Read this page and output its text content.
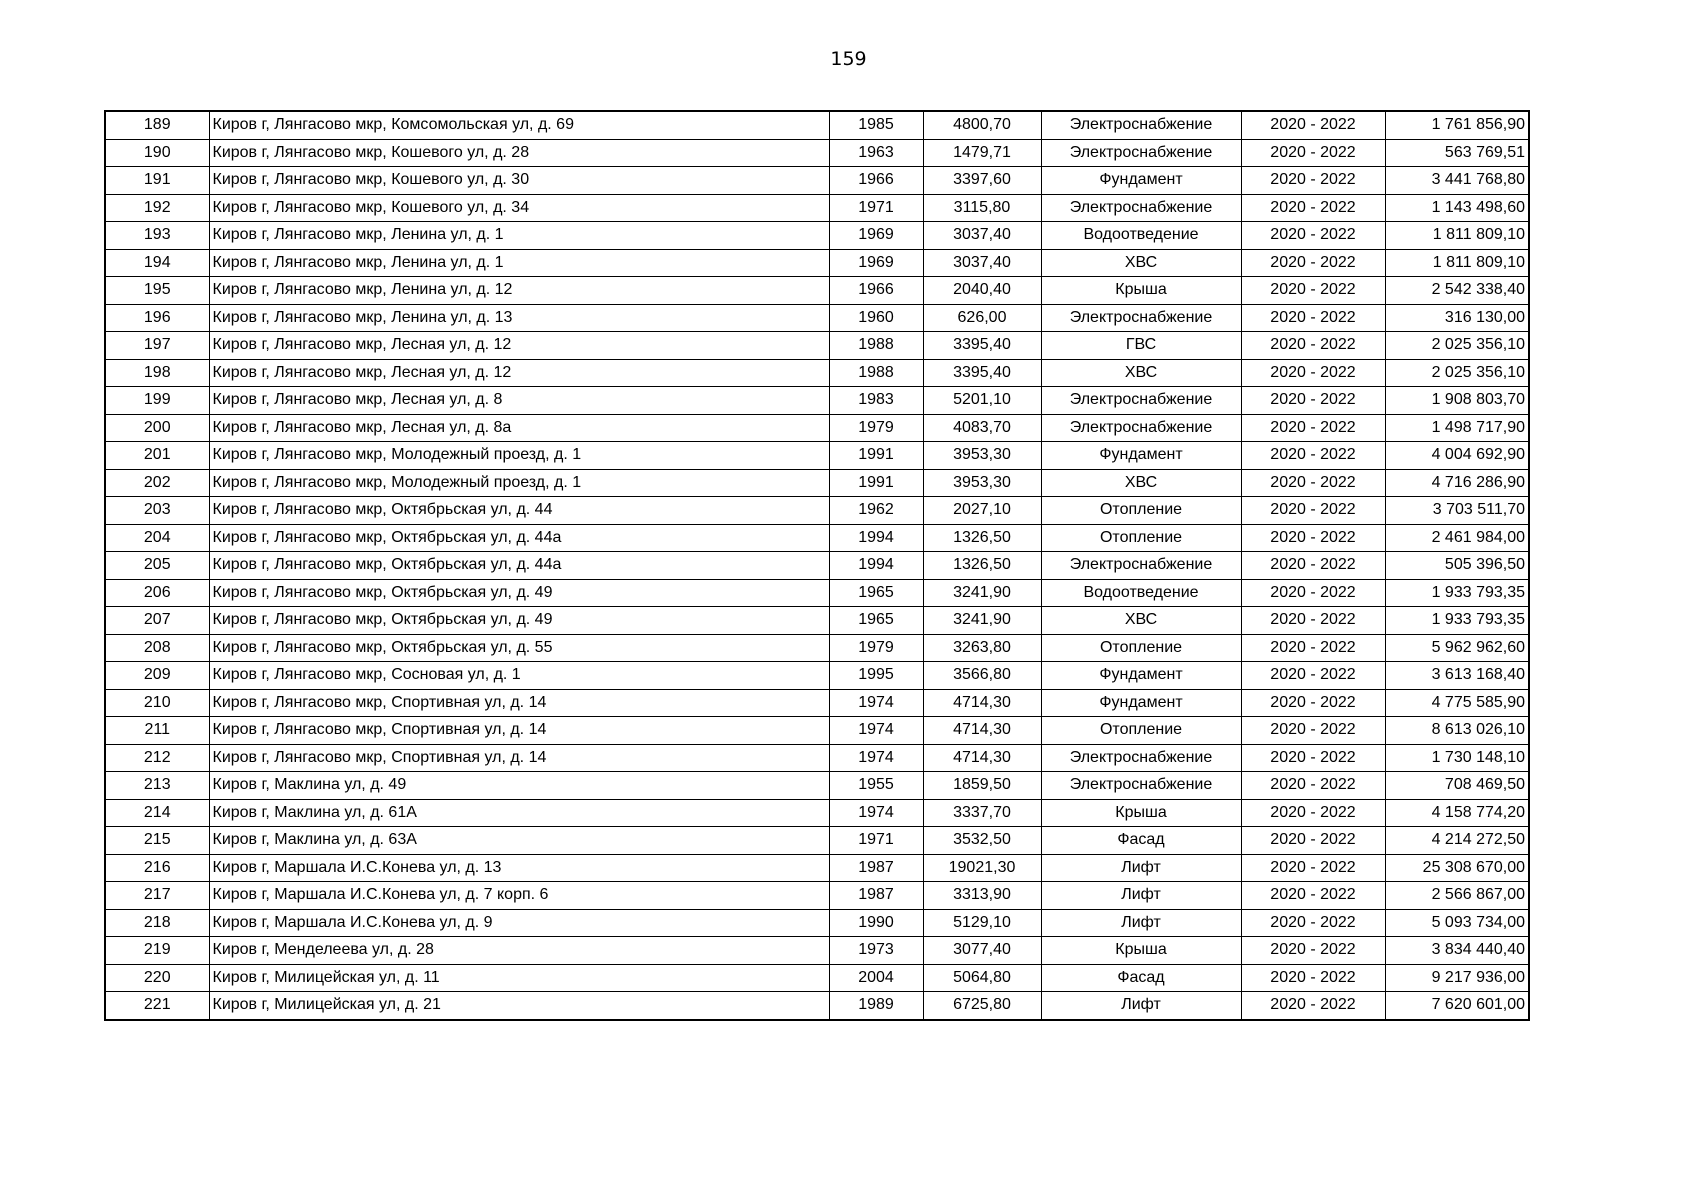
159
189	Киров г, Лянгасово мкр, Комсомольская ул, д. 69	1985	4800,70	Электроснабжение	2020 - 2022	1 761 856,90
190	Киров г, Лянгасово мкр, Кошевого ул, д. 28	1963	1479,71	Электроснабжение	2020 - 2022	563 769,51
191	Киров г, Лянгасово мкр, Кошевого ул, д. 30	1966	3397,60	Фундамент	2020 - 2022	3 441 768,80
192	Киров г, Лянгасово мкр, Кошевого ул, д. 34	1971	3115,80	Электроснабжение	2020 - 2022	1 143 498,60
193	Киров г, Лянгасово мкр, Ленина ул, д. 1	1969	3037,40	Водоотведение	2020 - 2022	1 811 809,10
194	Киров г, Лянгасово мкр, Ленина ул, д. 1	1969	3037,40	ХВС	2020 - 2022	1 811 809,10
195	Киров г, Лянгасово мкр, Ленина ул, д. 12	1966	2040,40	Крыша	2020 - 2022	2 542 338,40
196	Киров г, Лянгасово мкр, Ленина ул, д. 13	1960	626,00	Электроснабжение	2020 - 2022	316 130,00
197	Киров г, Лянгасово мкр, Лесная ул, д. 12	1988	3395,40	ГВС	2020 - 2022	2 025 356,10
198	Киров г, Лянгасово мкр, Лесная ул, д. 12	1988	3395,40	ХВС	2020 - 2022	2 025 356,10
199	Киров г, Лянгасово мкр, Лесная ул, д. 8	1983	5201,10	Электроснабжение	2020 - 2022	1 908 803,70
200	Киров г, Лянгасово мкр, Лесная ул, д. 8а	1979	4083,70	Электроснабжение	2020 - 2022	1 498 717,90
201	Киров г, Лянгасово мкр, Молодежный проезд, д. 1	1991	3953,30	Фундамент	2020 - 2022	4 004 692,90
202	Киров г, Лянгасово мкр, Молодежный проезд, д. 1	1991	3953,30	ХВС	2020 - 2022	4 716 286,90
203	Киров г, Лянгасово мкр, Октябрьская ул, д. 44	1962	2027,10	Отопление	2020 - 2022	3 703 511,70
204	Киров г, Лянгасово мкр, Октябрьская ул, д. 44а	1994	1326,50	Отопление	2020 - 2022	2 461 984,00
205	Киров г, Лянгасово мкр, Октябрьская ул, д. 44а	1994	1326,50	Электроснабжение	2020 - 2022	505 396,50
206	Киров г, Лянгасово мкр, Октябрьская ул, д. 49	1965	3241,90	Водоотведение	2020 - 2022	1 933 793,35
207	Киров г, Лянгасово мкр, Октябрьская ул, д. 49	1965	3241,90	ХВС	2020 - 2022	1 933 793,35
208	Киров г, Лянгасово мкр, Октябрьская ул, д. 55	1979	3263,80	Отопление	2020 - 2022	5 962 962,60
209	Киров г, Лянгасово мкр, Сосновая ул, д. 1	1995	3566,80	Фундамент	2020 - 2022	3 613 168,40
210	Киров г, Лянгасово мкр, Спортивная ул, д. 14	1974	4714,30	Фундамент	2020 - 2022	4 775 585,90
211	Киров г, Лянгасово мкр, Спортивная ул, д. 14	1974	4714,30	Отопление	2020 - 2022	8 613 026,10
212	Киров г, Лянгасово мкр, Спортивная ул, д. 14	1974	4714,30	Электроснабжение	2020 - 2022	1 730 148,10
213	Киров г, Маклина ул, д. 49	1955	1859,50	Электроснабжение	2020 - 2022	708 469,50
214	Киров г, Маклина ул, д. 61А	1974	3337,70	Крыша	2020 - 2022	4 158 774,20
215	Киров г, Маклина ул, д. 63А	1971	3532,50	Фасад	2020 - 2022	4 214 272,50
216	Киров г, Маршала И.С.Конева ул, д. 13	1987	19021,30	Лифт	2020 - 2022	25 308 670,00
217	Киров г, Маршала И.С.Конева ул, д. 7 корп. 6	1987	3313,90	Лифт	2020 - 2022	2 566 867,00
218	Киров г, Маршала И.С.Конева ул, д. 9	1990	5129,10	Лифт	2020 - 2022	5 093 734,00
219	Киров г, Менделеева ул, д. 28	1973	3077,40	Крыша	2020 - 2022	3 834 440,40
220	Киров г, Милицейская ул, д. 11	2004	5064,80	Фасад	2020 - 2022	9 217 936,00
221	Киров г, Милицейская ул, д. 21	1989	6725,80	Лифт	2020 - 2022	7 620 601,00
